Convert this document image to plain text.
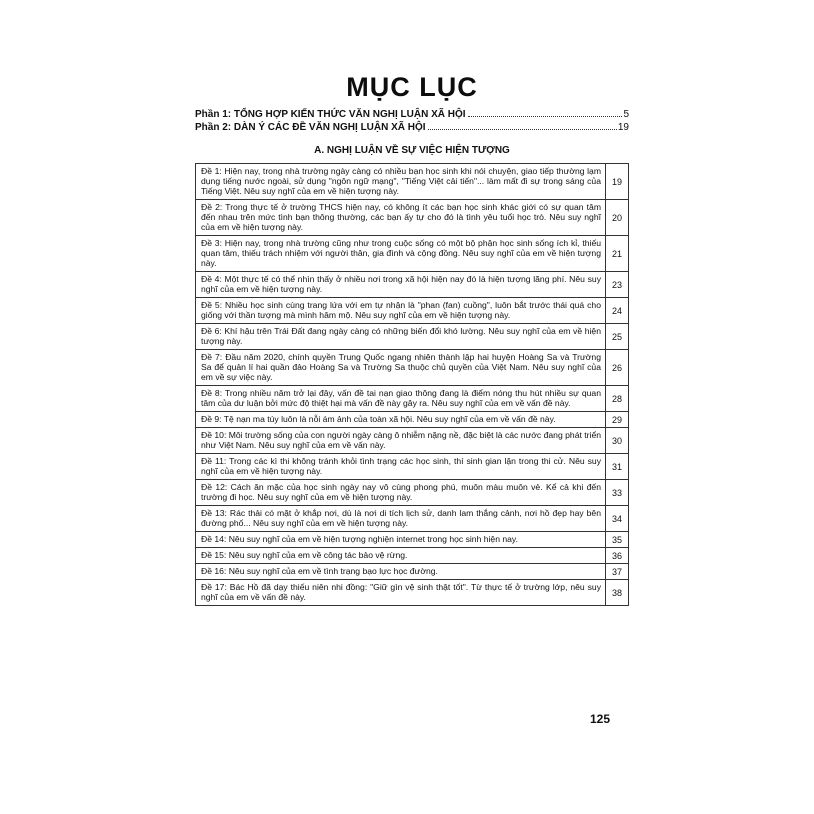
MỤC LỤC
Phần 1: TỔNG HỢP KIẾN THỨC VĂN NGHỊ LUẬN XÃ HỘI	5
Phần 2: DÀN Ý CÁC ĐỀ VĂN NGHỊ LUẬN XÃ HỘI	19
A. NGHỊ LUẬN VỀ SỰ VIỆC HIỆN TƯỢNG
Đề 1: Hiện nay, trong nhà trường ngày càng có nhiều bạn học sinh khi nói chuyện, giao tiếp thường lạm dụng tiếng nước ngoài, sử dụng "ngôn ngữ mạng", "Tiếng Việt cải tiến"... làm mất đi sự trong sáng của Tiếng Việt. Nêu suy nghĩ của em về hiện tượng này.	19
Đề 2: Trong thực tế ở trường THCS hiện nay, có không ít các bạn học sinh khác giới có sự quan tâm đến nhau trên mức tình bạn thông thường, các bạn ấy tự cho đó là tình yêu tuổi học trò. Nêu suy nghĩ của em về hiện tượng này.	20
Đề 3: Hiện nay, trong nhà trường cũng như trong cuộc sống có một bộ phận học sinh sống ích kỉ, thiếu quan tâm, thiếu trách nhiệm với người thân, gia đình và cộng đồng. Nêu suy nghĩ của em về hiện tượng này.	21
Đề 4: Một thực tế có thể nhìn thấy ở nhiều nơi trong xã hội hiện nay đó là hiện tượng lãng phí. Nêu suy nghĩ của em về hiện tượng này.	23
Đề 5: Nhiều học sinh cùng trang lứa với em tự nhận là "phan (fan) cuồng", luôn bắt trước thái quá cho giống với thần tượng mà mình hâm mộ. Nêu suy nghĩ của em về hiện tượng này.	24
Đề 6: Khí hậu trên Trái Đất đang ngày càng có những biến đổi khó lường. Nêu suy nghĩ của em về hiện tượng này.	25
Đề 7: Đầu năm 2020, chính quyền Trung Quốc ngang nhiên thành lập hai huyện Hoàng Sa và Trường Sa để quản lí hai quần đảo Hoàng Sa và Trường Sa thuộc chủ quyền của Việt Nam. Nêu suy nghĩ của em về sự việc này.	26
Đề 8: Trong nhiều năm trở lại đây, vấn đề tai nạn giao thông đang là điểm nóng thu hút nhiều sự quan tâm của dư luận bởi mức độ thiệt hại mà vấn đề này gây ra. Nêu suy nghĩ của em về vấn đề này.	28
Đề 9: Tệ nạn ma túy luôn là nỗi ám ảnh của toàn xã hội. Nêu suy nghĩ của em về vấn đề này.	29
Đề 10: Môi trường sống của con người ngày càng ô nhiễm nặng nề, đặc biệt là các nước đang phát triển như Việt Nam. Nêu suy nghĩ của em về vấn này.	30
Đề 11: Trong các kì thi không tránh khỏi tình trạng các học sinh, thí sinh gian lận trong thi cử. Nêu suy nghĩ của em về hiện tượng này.	31
Đề 12: Cách ăn mặc của học sinh ngày nay vô cùng phong phú, muôn màu muôn vẻ. Kể cả khi đến trường đi học. Nêu suy nghĩ của em về hiện tượng này.	33
Đề 13: Rác thải có mặt ở khắp nơi, dù là nơi di tích lịch sử, danh lam thắng cảnh, nơi hồ đẹp hay bên đường phố... Nêu suy nghĩ của em về hiện tượng này.	34
Đề 14: Nêu suy nghĩ của em về hiện tượng nghiện internet trong học sinh hiện nay.	35
Đề 15: Nêu suy nghĩ của em về công tác bảo vệ rừng.	36
Đề 16: Nêu suy nghĩ của em về tình trạng bạo lực học đường.	37
Đề 17: Bác Hồ đã dạy thiếu niên nhi đồng: "Giữ gìn vệ sinh thật tốt". Từ thực tế ở trường lớp, nêu suy nghĩ của em về vấn đề này.	38
125
